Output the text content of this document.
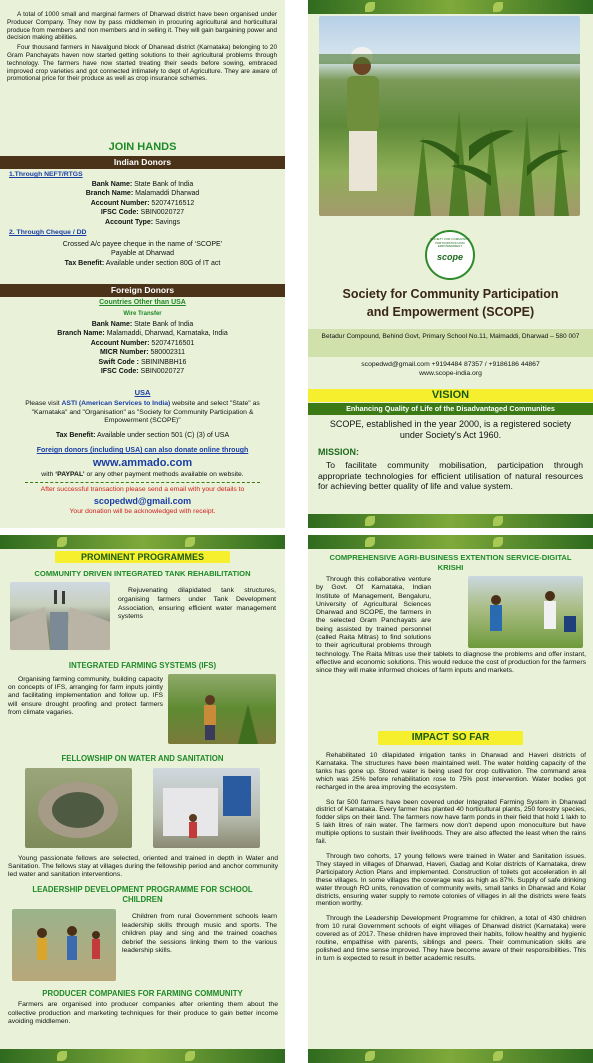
A total of 1000 small and marginal farmers of Dharwad district have been organised under Producer Company. They now by pass middlemen in procuring agricultural and horticultural produce from members and non members and in selling it. They will gain bargaining power and decision making abilities.

Four thousand farmers in Navalgund block of Dharwad district (Karnataka) belonging to 20 Gram Panchayats haven now started getting solutions to their agricultural problems through technology. The farmers have now started treating their seeds before sowing, embraced improved crop varieties and got connected intimately to dept of Agriculture. They are aware of promotional price for their produce as well as crop insurance schemes.

JOIN HANDS
Indian Donors
1.Through NEFT/RTGS
Bank Name: State Bank of India
Branch Name: Malamaddi Dharwad
Account Number: 52074716512
IFSC Code: SBIN0020727
Account Type: Savings
2. Through Cheque / DD
Crossed A/c payee cheque in the name of ‘SCOPE’
Payable at Dharwad
Tax Benefit: Available under section 80G of IT act
Foreign Donors
Countries Other than USA
Wire Transfer
Bank Name: State Bank of India
Branch Name: Malamaddi, Dharwad, Karnataka, India
Account Number: 52074716501
MICR Number: 580002311
Swift Code : SBININBBH16
IFSC Code: SBIN0020727
USA
Please visit ASTI (American Services to India) website and select "State" as "Karnataka" and "Organisation" as "Society for Community Participation & Empowerment (SCOPE)"
Tax Benefit: Available under section 501 (C) (3) of USA
Foreign donors (including USA) can also donate online through
www.ammado.com
with ‘PAYPAL’ or any other payment methods available on website.
After successful transaction please send a email with your details to
scopedwd@gmail.com
Your donation will be acknowledged with receipt.
SOCIETY FOR COMMUNITY PARTICIPATION AND EMPOWERMENT
scope
Society for Community Participation
and Empowerment (SCOPE)
Betadur Compound, Behind Govt, Primary School No.11, Malmaddi, Dharwad – 580 007
scopedwd@gmail.com +9194484 87357 / +9186186 44867
www.scope-india.org
VISION
Enhancing Quality of Life of the Disadvantaged Communities
SCOPE, established in the year 2000, is a registered society under Society's Act 1960.
MISSION:
To facilitate community mobilisation, participation through appropriate technologies for efficient utilisation of natural resources for achieving better quality of life and value system.
PROMINENT PROGRAMMES
COMMUNITY DRIVEN INTEGRATED TANK REHABILITATION
Rejuvenating dilapidated tank structures, organising farmers under Tank Development Association, ensuring efficient water management systems
INTEGRATED FARMING SYSTEMS (IFS)
Organising farming community, building capacity on concepts of IFS, arranging for farm inputs jointly and facilitating implementation and follow up. IFS will ensure drought proofing and protect farmers from climate vagaries.
FELLOWSHIP ON WATER AND SANITATION
Young passionate fellows are selected, oriented and trained in depth in Water and Sanitation. The fellows stay at villages during the fellowship period and anchor community led water and sanitation interventions.
LEADERSHIP DEVELOPMENT PROGRAMME FOR SCHOOL CHILDREN
Children from rural Government schools learn leadership skills through music and sports. The children play and sing and the trained coaches debrief the sessions linking them to the various leadership skills.
PRODUCER COMPANIES FOR FARMING COMMUNITY
Farmers are organised into producer companies after orienting them about the collective production and marketing techniques for their produce to gain better income avoiding middlemen.
COMPREHENSIVE AGRI-BUSINESS EXTENTION SERVICE-DIGITAL KRISHI

Through this collaborative venture by Govt. Of Karnataka, Indian Institute of Management, Bengaluru, University of Agricultural Sciences Dharwad and SCOPE, the farmers in the selected Gram Panchayats are being assisted by trained personnel (called Raita Mitras) to find solutions to their agricultural problems through technology. The Raita Mitras use their tablets to diagnose the problems and offer instant, effective and economic solutions. This would reduce the cost of production for the farmers since they will make informed choices of farm inputs and markets.

IMPACT SO FAR

Rehabilitated 10 dilapidated irrigation tanks in Dharwad and Haveri districts of Karnataka. The structures have been maintained well. The water holding capacity of the tanks has gone up. Stored water is being used for crop cultivation. The command area which was 25% before rehabilitation rose to 75% post intervention. Water bodies got recharged in the area improving the ecosystem.

So far 500 farmers have been covered under Integrated Farming System in Dharwad district of Karnataka. Every farmer has planted 40 horticultural plants, 250 forestry species, fodder slips on their land. The farmers now have farm ponds in their field that hold 1 lakh to 5 lakh litres of rain water. The farmers now don't depend upon monoculture but have multiple options to sustain their livelihoods. They are also affected the least when the rains fail.

Through two cohorts, 17 young fellows were trained in Water and Sanitation issues. They stayed in villages of Dharwad, Haveri, Gadag and Kolar districts of Karnataka, drew Participatory Action Plans and implemented. Construction of toilets got acceleration in all these villages. In some villages the coverage was as high as 87%. Supply of safe drinking water through RO units, renovation of community wells, small tanks in Dharwad and Kolar districts, ensuring water supply to remote colonies of villages in all the districts were feats mention worthy.

Through the Leadership Development Programme for children, a total of 430 children from 10 rural Government schools of eight villages of Dharwad district (Karnataka) were covered as of 2017. These children have improved their habits, follow healthy and hygienic routine, empathise with parents, siblings and peers. Their communication skills are polished and time sense improved. They have become aware of their responsibilities. This in turn is expected to result in better academic results.
